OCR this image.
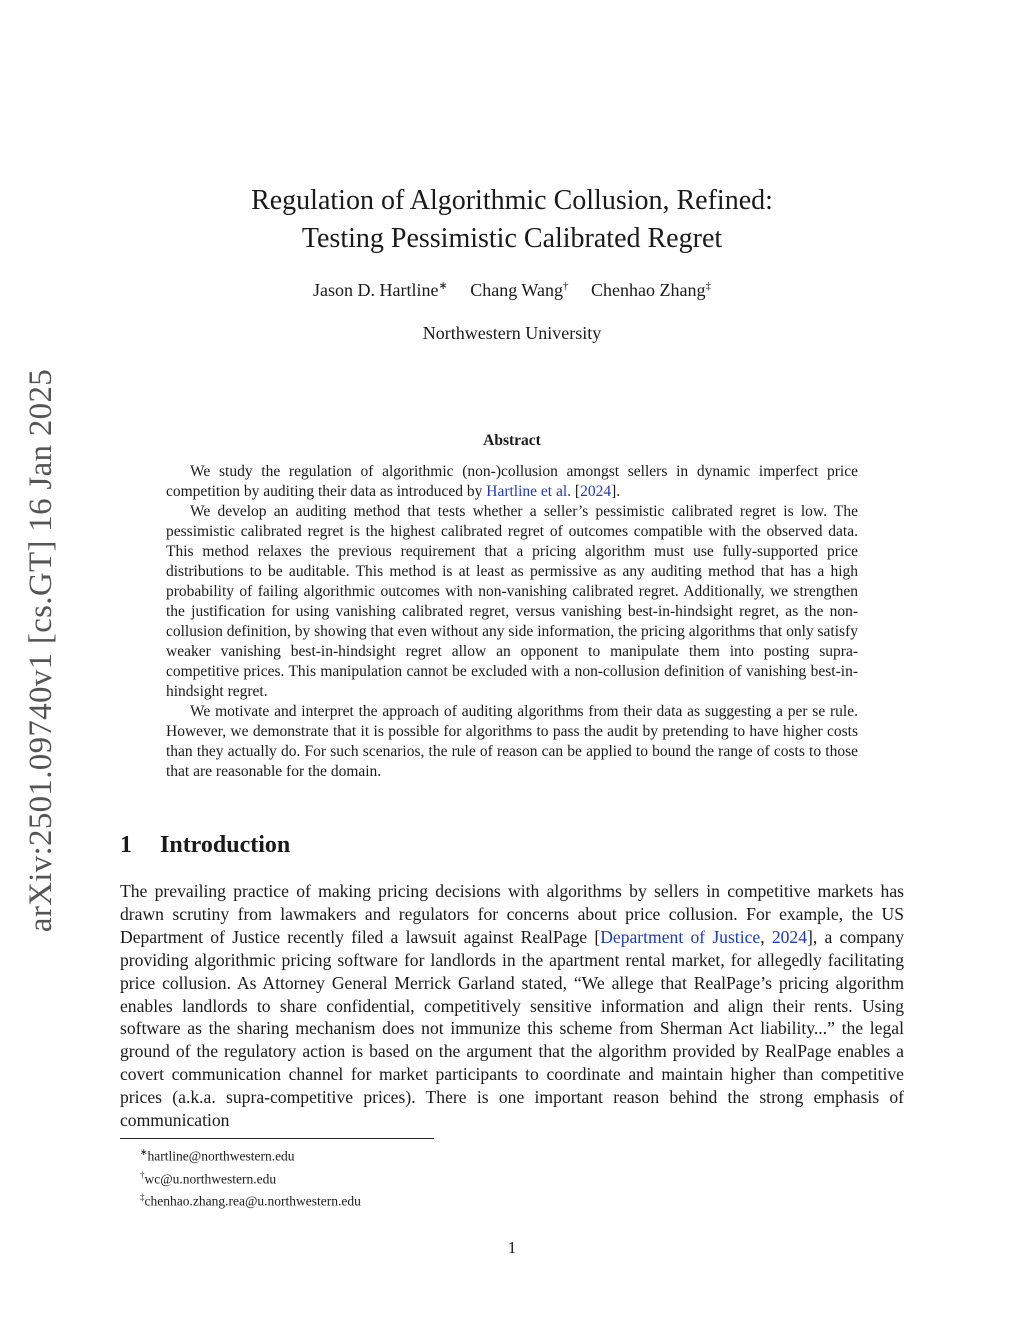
arXiv:2501.09740v1 [cs.GT] 16 Jan 2025
Regulation of Algorithmic Collusion, Refined:
Testing Pessimistic Calibrated Regret
Jason D. Hartline∗ Chang Wang† Chenhao Zhang‡
Northwestern University
Abstract

We study the regulation of algorithmic (non-)collusion amongst sellers in dynamic imperfect price competition by auditing their data as introduced by Hartline et al. [2024].

We develop an auditing method that tests whether a seller’s pessimistic calibrated regret is low. The pessimistic calibrated regret is the highest calibrated regret of outcomes compatible with the observed data. This method relaxes the previous requirement that a pricing algorithm must use fully-supported price distributions to be auditable. This method is at least as permissive as any auditing method that has a high probability of failing algorithmic outcomes with non-vanishing calibrated regret. Additionally, we strengthen the justification for using vanishing calibrated regret, versus vanishing best-in-hindsight regret, as the non-collusion definition, by showing that even without any side information, the pricing algorithms that only satisfy weaker vanishing best-in-hindsight regret allow an opponent to manipulate them into posting supra-competitive prices. This manipulation cannot be excluded with a non-collusion definition of vanishing best-in-hindsight regret.

We motivate and interpret the approach of auditing algorithms from their data as suggesting a per se rule. However, we demonstrate that it is possible for algorithms to pass the audit by pretending to have higher costs than they actually do. For such scenarios, the rule of reason can be applied to bound the range of costs to those that are reasonable for the domain.

1 Introduction

The prevailing practice of making pricing decisions with algorithms by sellers in competitive markets has drawn scrutiny from lawmakers and regulators for concerns about price collusion. For example, the US Department of Justice recently filed a lawsuit against RealPage [Department of Justice, 2024], a company providing algorithmic pricing software for landlords in the apartment rental market, for allegedly facilitating price collusion. As Attorney General Merrick Garland stated, “We allege that RealPage’s pricing algorithm enables landlords to share confidential, competitively sensitive information and align their rents. Using software as the sharing mechanism does not immunize this scheme from Sherman Act liability...” the legal ground of the regulatory action is based on the argument that the algorithm provided by RealPage enables a covert communication channel for market participants to coordinate and maintain higher than competitive prices (a.k.a. supra-competitive prices). There is one important reason behind the strong emphasis of communication

∗hartline@northwestern.edu
†wc@u.northwestern.edu
‡chenhao.zhang.rea@u.northwestern.edu
1
